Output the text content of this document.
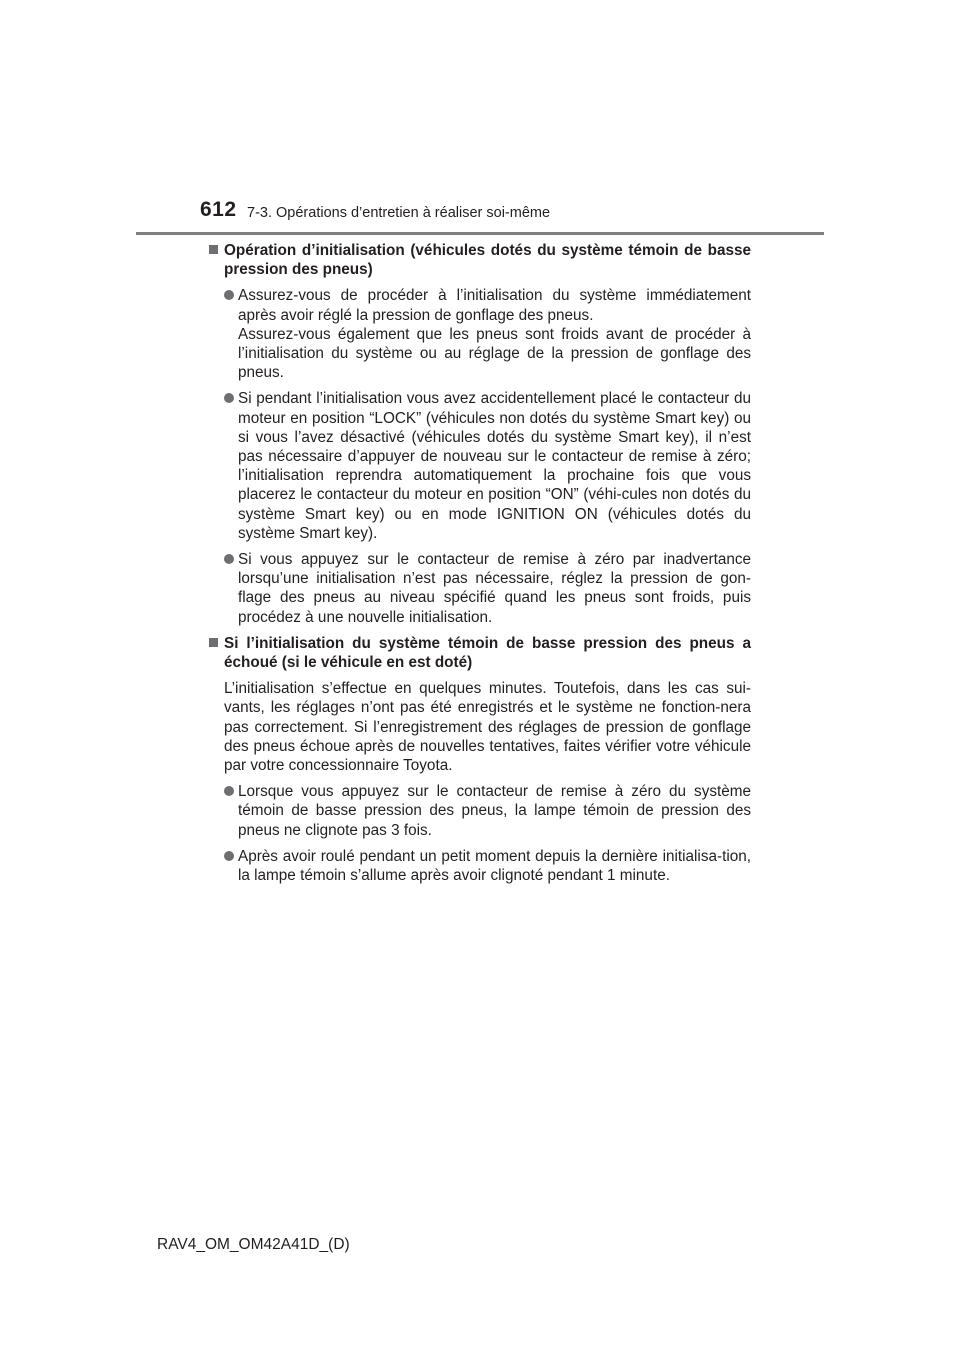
612 7-3. Opérations d’entretien à réaliser soi-même
Opération d’initialisation (véhicules dotés du système témoin de basse pression des pneus)
Assurez-vous de procéder à l’initialisation du système immédiatement après avoir réglé la pression de gonflage des pneus.
Assurez-vous également que les pneus sont froids avant de procéder à l’initialisation du système ou au réglage de la pression de gonflage des pneus.
Si pendant l’initialisation vous avez accidentellement placé le contacteur du moteur en position “LOCK” (véhicules non dotés du système Smart key) ou si vous l’avez désactivé (véhicules dotés du système Smart key), il n’est pas nécessaire d’appuyer de nouveau sur le contacteur de remise à zéro; l’initialisation reprendra automatiquement la prochaine fois que vous placerez le contacteur du moteur en position “ON” (véhi-cules non dotés du système Smart key) ou en mode IGNITION ON (véhicules dotés du système Smart key).
Si vous appuyez sur le contacteur de remise à zéro par inadvertance lorsqu’une initialisation n’est pas nécessaire, réglez la pression de gon-flage des pneus au niveau spécifié quand les pneus sont froids, puis procédez à une nouvelle initialisation.
Si l’initialisation du système témoin de basse pression des pneus a échoué (si le véhicule en est doté)
L’initialisation s’effectue en quelques minutes. Toutefois, dans les cas sui-vants, les réglages n’ont pas été enregistrés et le système ne fonction-nera pas correctement. Si l’enregistrement des réglages de pression de gonflage des pneus échoue après de nouvelles tentatives, faites vérifier votre véhicule par votre concessionnaire Toyota.
Lorsque vous appuyez sur le contacteur de remise à zéro du système témoin de basse pression des pneus, la lampe témoin de pression des pneus ne clignote pas 3 fois.
Après avoir roulé pendant un petit moment depuis la dernière initialisa-tion, la lampe témoin s’allume après avoir clignoté pendant 1 minute.
RAV4_OM_OM42A41D_(D)
